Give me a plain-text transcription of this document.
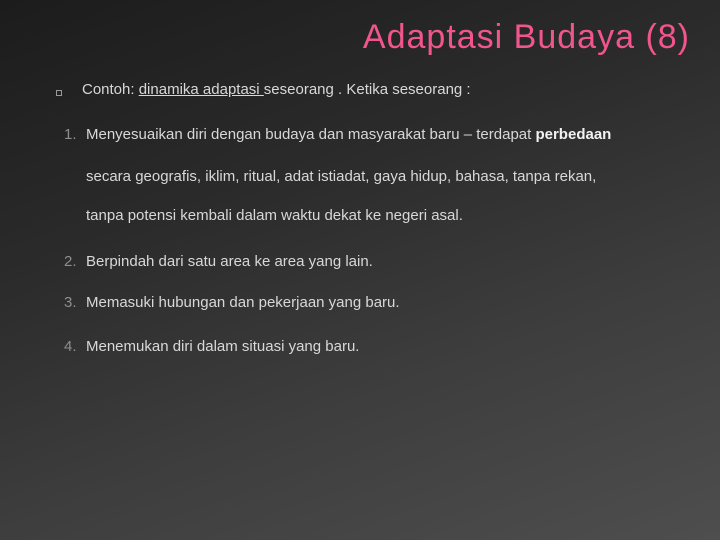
Adaptasi Budaya (8)
Contoh: dinamika adaptasi seseorang . Ketika seseorang :
1. Menyesuaikan diri dengan budaya dan masyarakat baru – terdapat perbedaan
secara geografis, iklim, ritual, adat istiadat, gaya hidup, bahasa, tanpa rekan,
tanpa potensi kembali dalam waktu dekat ke negeri asal.
2. Berpindah dari satu area ke area yang lain.
3. Memasuki hubungan dan pekerjaan yang baru.
4. Menemukan diri dalam situasi yang baru.
